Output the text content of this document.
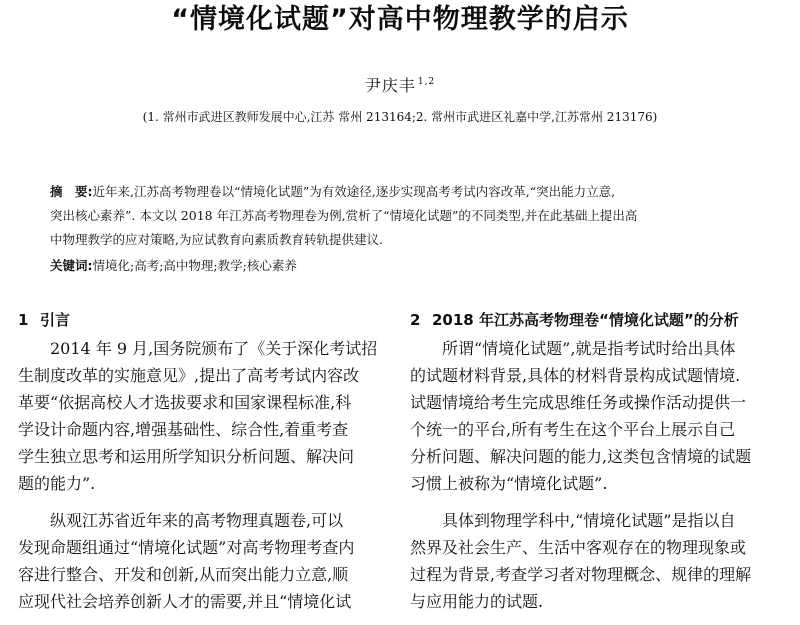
“情境化试题”对高中物理教学的启示
尹庆丰 $^{1,2}$
(1. 常州市武进区教师发展中心,江苏 常州 213164;2. 常州市武进区礼嘉中学,江苏常州 213176)
摘　要:近年来,江苏高考物理卷以“情境化试题”为有效途径,逐步实现高考考试内容改革,“突出能力立意,
突出核心素养”. 本文以 2018 年江苏高考物理卷为例,赏析了“情境化试题”的不同类型,并在此基础上提出高
中物理教学的应对策略,为应试教育向素质教育转轨提供建议.
关键词:情境化;高考;高中物理;教学;核心素养
1 引言
2014 年 9 月,国务院颁布了《关于深化考试招
生制度改革的实施意见》,提出了高考考试内容改
革要“依据高校人才选拔要求和国家课程标准,科
学设计命题内容,增强基础性、综合性,着重考查
学生独立思考和运用所学知识分析问题、解决问
题的能力”.
纵观江苏省近年来的高考物理真题卷,可以
发现命题组通过“情境化试题”对高考物理考查内
容进行整合、开发和创新,从而突出能力立意,顺
应现代社会培养创新人才的需要,并且“情境化试
2 2018 年江苏高考物理卷“情境化试题”的分析
所谓“情境化试题”,就是指考试时给出具体
的试题材料背景,具体的材料背景构成试题情境.
试题情境给考生完成思维任务或操作活动提供一
个统一的平台,所有考生在这个平台上展示自己
分析问题、解决问题的能力,这类包含情境的试题
习惯上被称为“情境化试题”.
具体到物理学科中,“情境化试题”是指以自
然界及社会生产、生活中客观存在的物理现象或
过程为背景,考查学习者对物理概念、规律的理解
与应用能力的试题.
